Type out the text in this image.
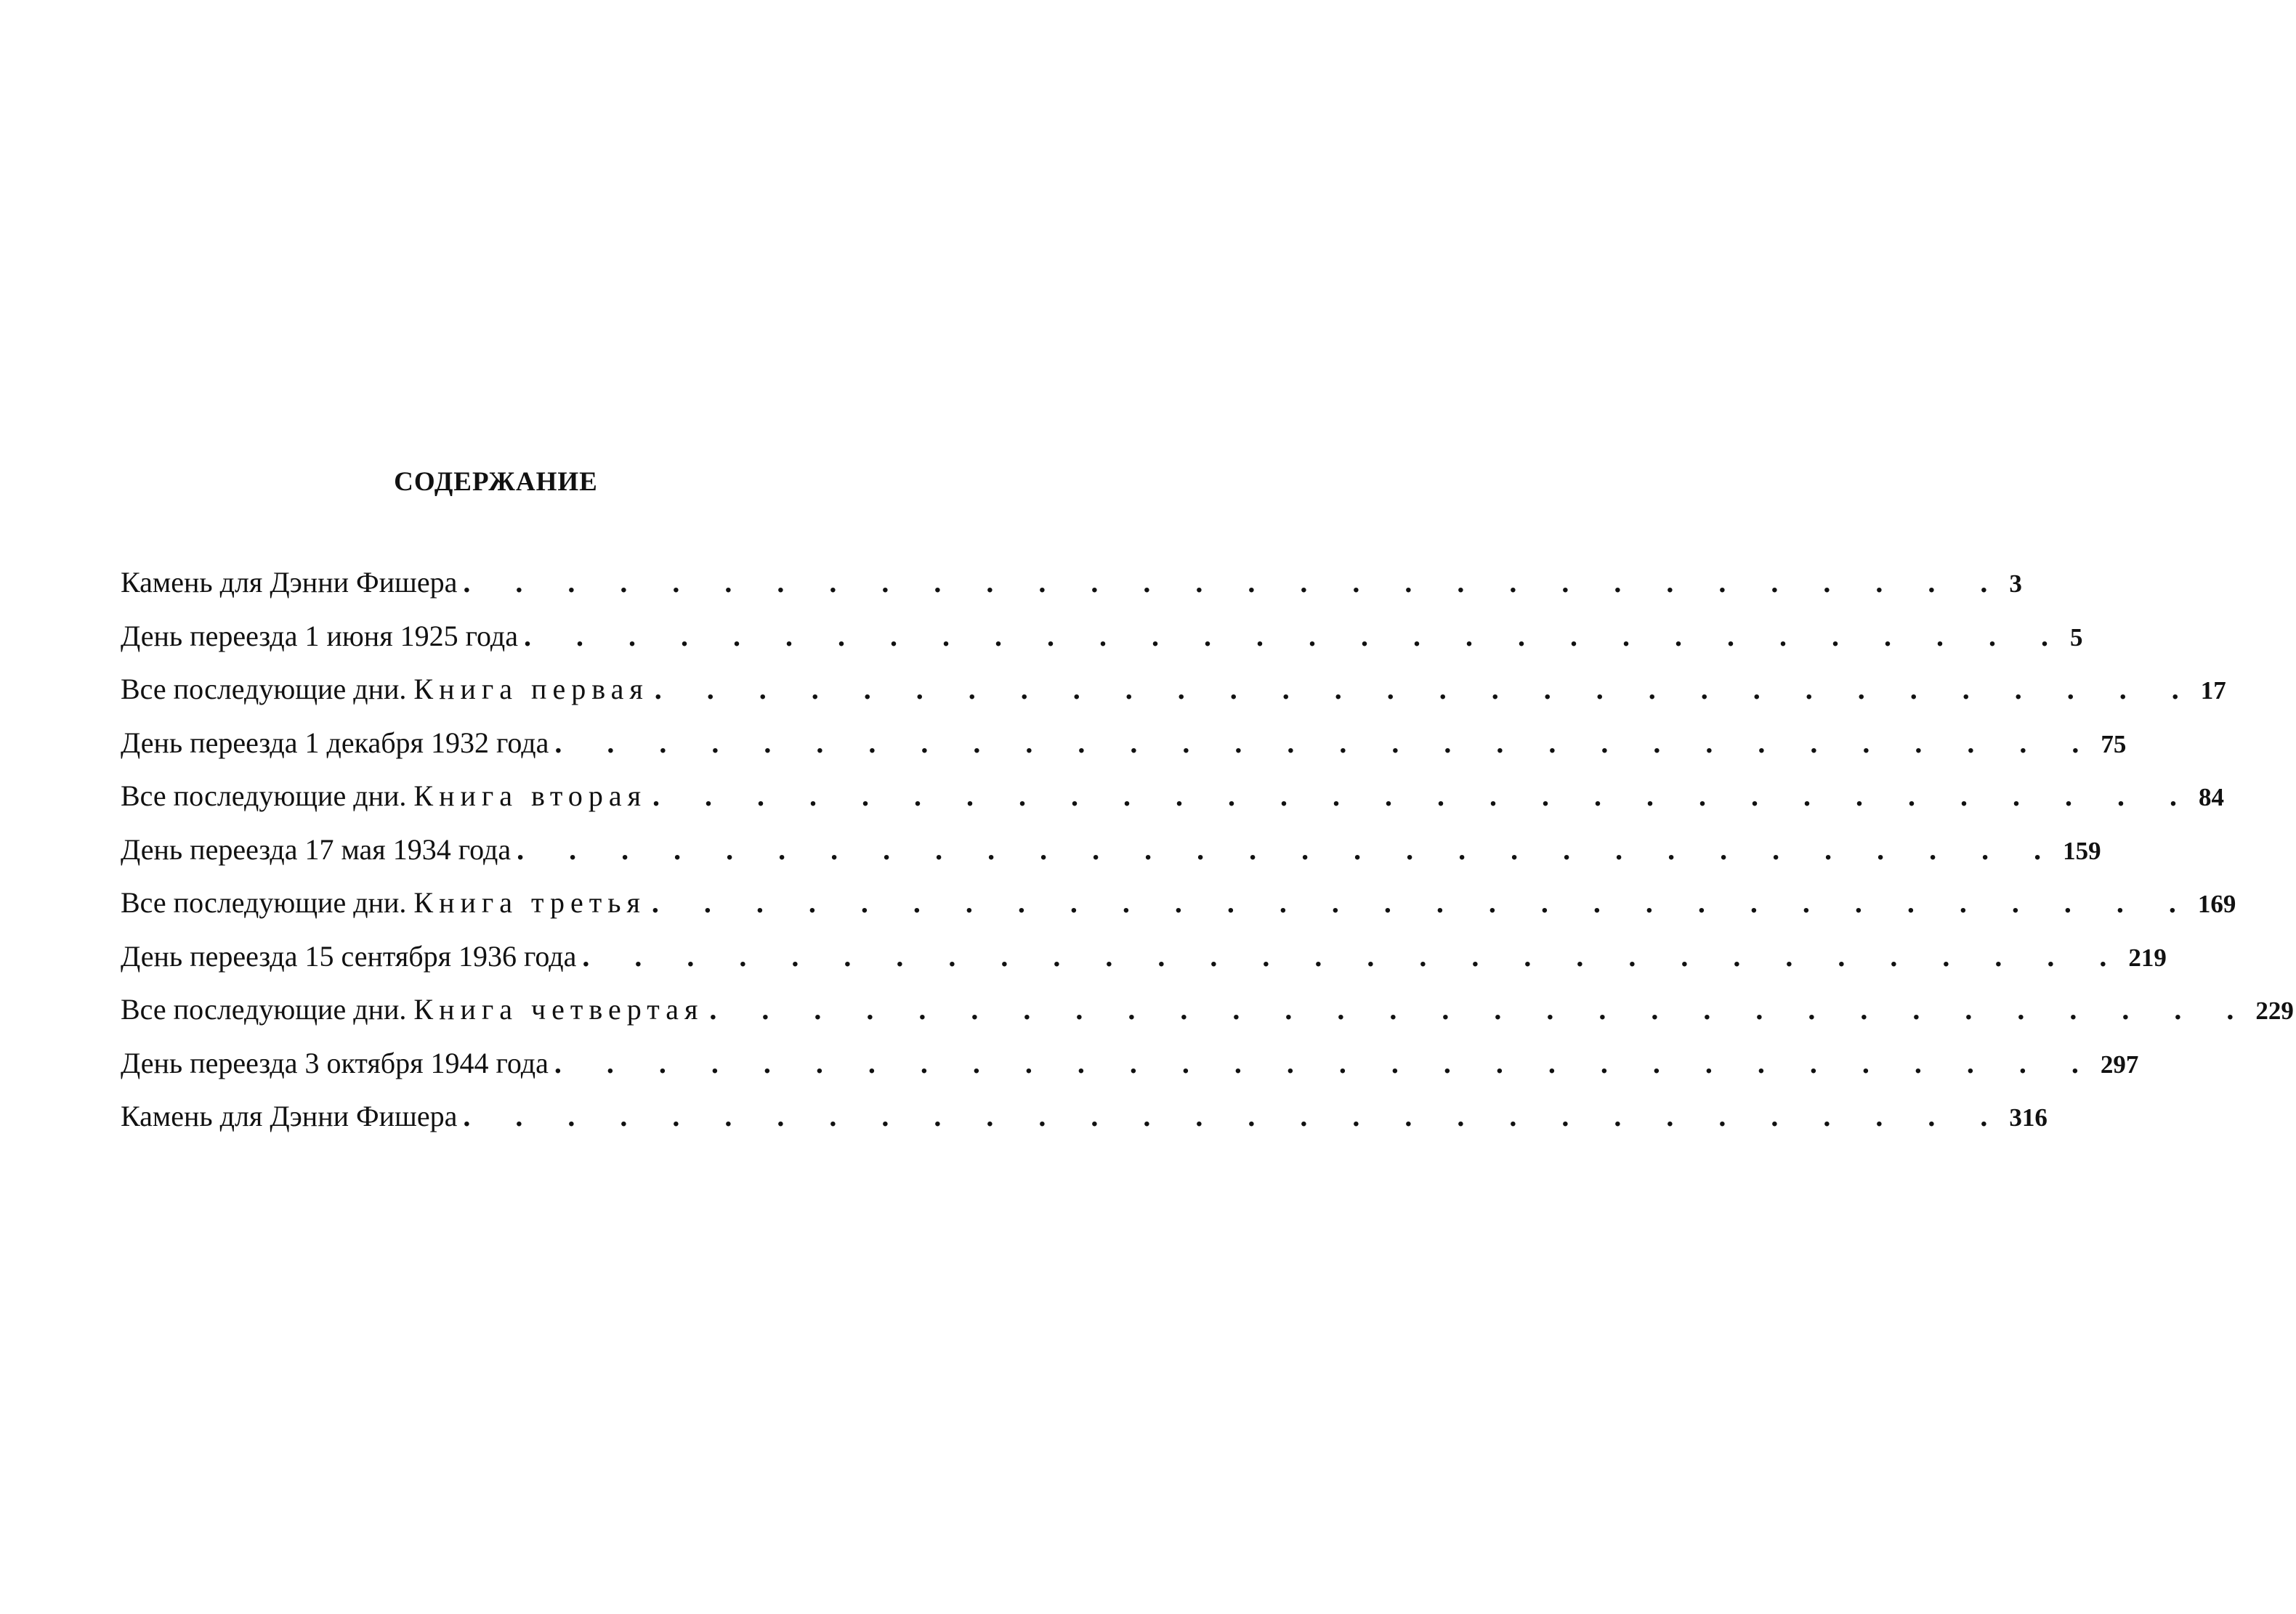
СОДЕРЖАНИЕ
Камень для Дэнни Фишера . . . . . . . . . . . . . . . . . . . . . . . . . . . . . . 3
День переезда 1 июня 1925 года . . . . . . . . . . . . . . . . . . . . . . . . . . . . . . 5
Все последующие дни. Книга первая . . . . . . . . . . . . . . . . . . . . . . . . . . . . . . 17
День переезда 1 декабря 1932 года . . . . . . . . . . . . . . . . . . . . . . . . . . . . . . 75
Все последующие дни. Книга вторая . . . . . . . . . . . . . . . . . . . . . . . . . . . . . . 84
День переезда 17 мая 1934 года . . . . . . . . . . . . . . . . . . . . . . . . . . . . . . 159
Все последующие дни. Книга третья . . . . . . . . . . . . . . . . . . . . . . . . . . . . . . 169
День переезда 15 сентября 1936 года . . . . . . . . . . . . . . . . . . . . . . . . . . . . . . 219
Все последующие дни. Книга четвертая . . . . . . . . . . . . . . . . . . . . . . . . . . . . . . 229
День переезда 3 октября 1944 года . . . . . . . . . . . . . . . . . . . . . . . . . . . . . . 297
Камень для Дэнни Фишера . . . . . . . . . . . . . . . . . . . . . . . . . . . . . . 316
